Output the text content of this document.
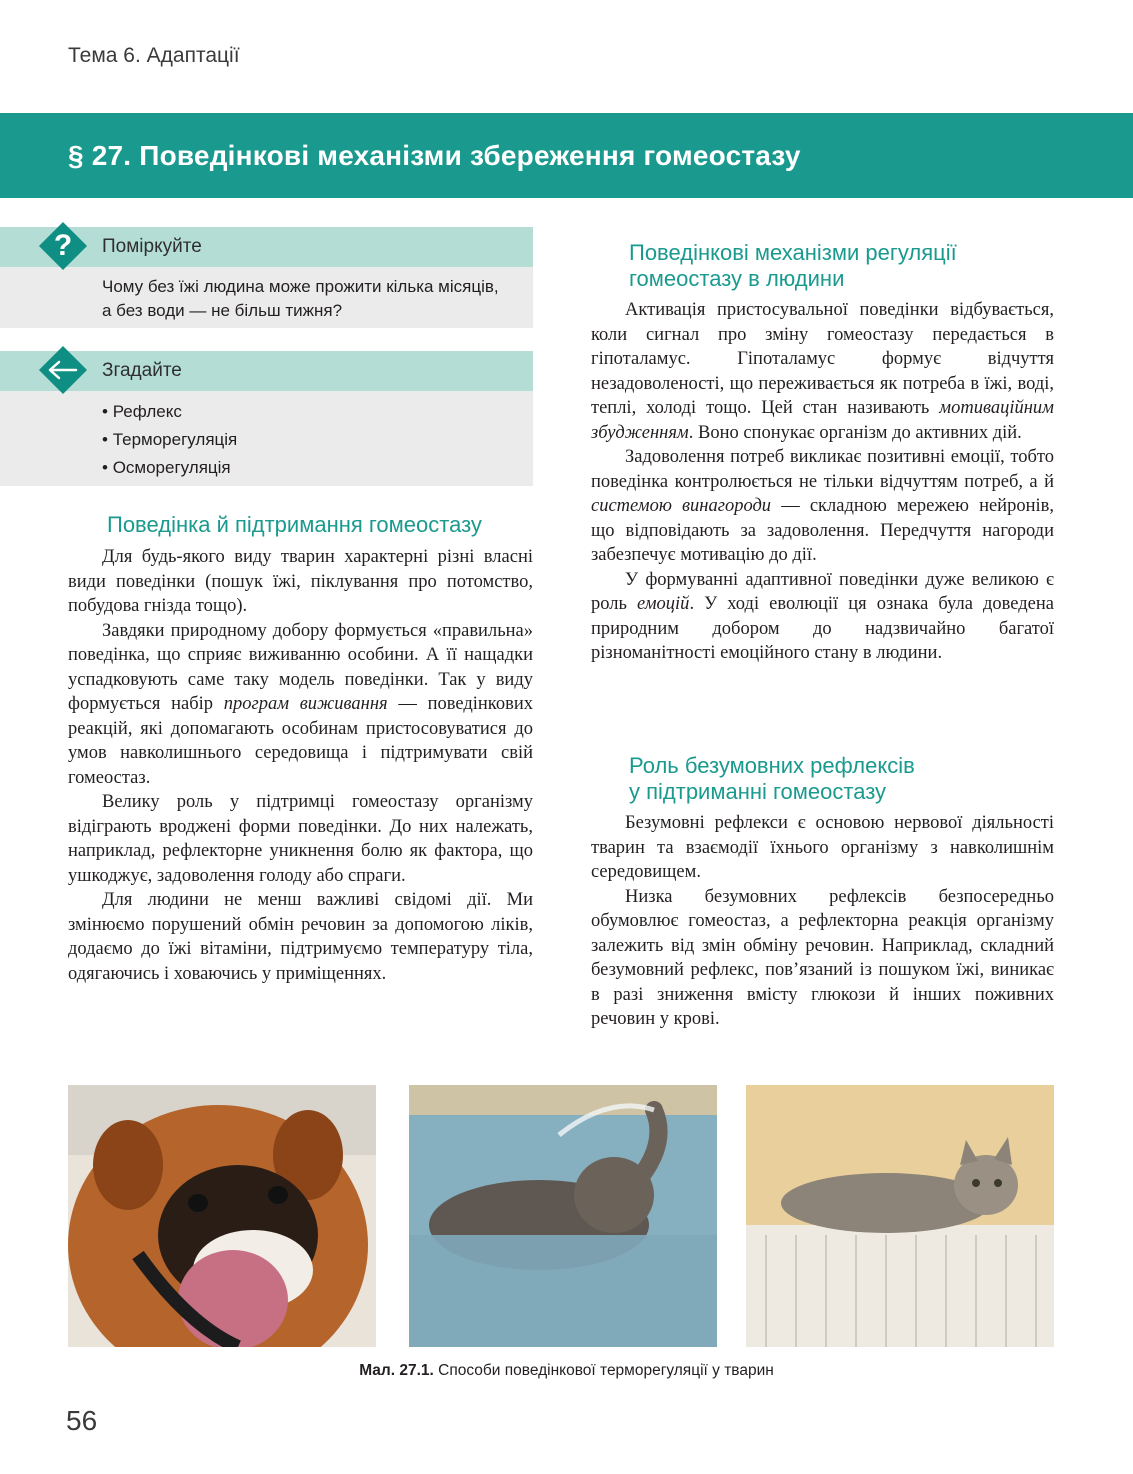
Тема 6. Адаптації
§ 27. Поведінкові механізми збереження гомеостазу
?	Поміркуйте
Чому без їжі людина може прожити кілька місяців, а без води — не більш тижня?
Згадайте
• Рефлекс
• Терморегуляція
• Осморегуляція
Поведінка й підтримання гомеостазу

Для будь-якого виду тварин характерні різні власні види поведінки (пошук їжі, піклування про потомство, побудова гнізда тощо).

Завдяки природному добору формується «правильна» поведінка, що сприяє виживанню особини. А її нащадки успадковують саме таку модель поведінки. Так у виду формується набір програм виживання — поведінкових реакцій, які допомагають особинам пристосовуватися до умов навколишнього середовища і підтримувати свій гомеостаз.

Велику роль у підтримці гомеостазу організму відіграють вроджені форми поведінки. До них належать, наприклад, рефлекторне уникнення болю як фактора, що ушкоджує, задоволення голоду або спраги.

Для людини не менш важливі свідомі дії. Ми змінюємо порушений обмін речовин за допомогою ліків, додаємо до їжі вітаміни, підтримуємо температуру тіла, одягаючись і ховаючись у приміщеннях.

Поведінкові механізми регуляції
гомеостазу в людини

Активація пристосувальної поведінки відбувається, коли сигнал про зміну гомеостазу передається в гіпоталамус. Гіпоталамус формує відчуття незадоволеності, що переживається як потреба в їжі, воді, теплі, холоді тощо. Цей стан називають мотиваційним збудженням. Воно спонукає організм до активних дій.

Задоволення потреб викликає позитивні емоції, тобто поведінка контролюється не тільки відчуттям потреб, а й системою винагороди — складною мережею нейронів, що відповідають за задоволення. Передчуття нагороди забезпечує мотивацію до дії.

У формуванні адаптивної поведінки дуже великою є роль емоцій. У ході еволюції ця ознака була доведена природним добором до надзвичайно багатої різноманітності емоційного стану в людини.

Роль безумовних рефлексів
у підтриманні гомеостазу

Безумовні рефлекси є основою нервової діяльності тварин та взаємодії їхнього організму з навколишнім середовищем.

Низка безумовних рефлексів безпосередньо обумовлює гомеостаз, а рефлекторна реакція організму залежить від змін обміну речовин. Наприклад, складний безумовний рефлекс, пов’язаний із пошуком їжі, виникає в разі зниження вмісту глюкози й інших поживних речовин у крові.

Мал. 27.1. Способи поведінкової терморегуляції у тварин
56
